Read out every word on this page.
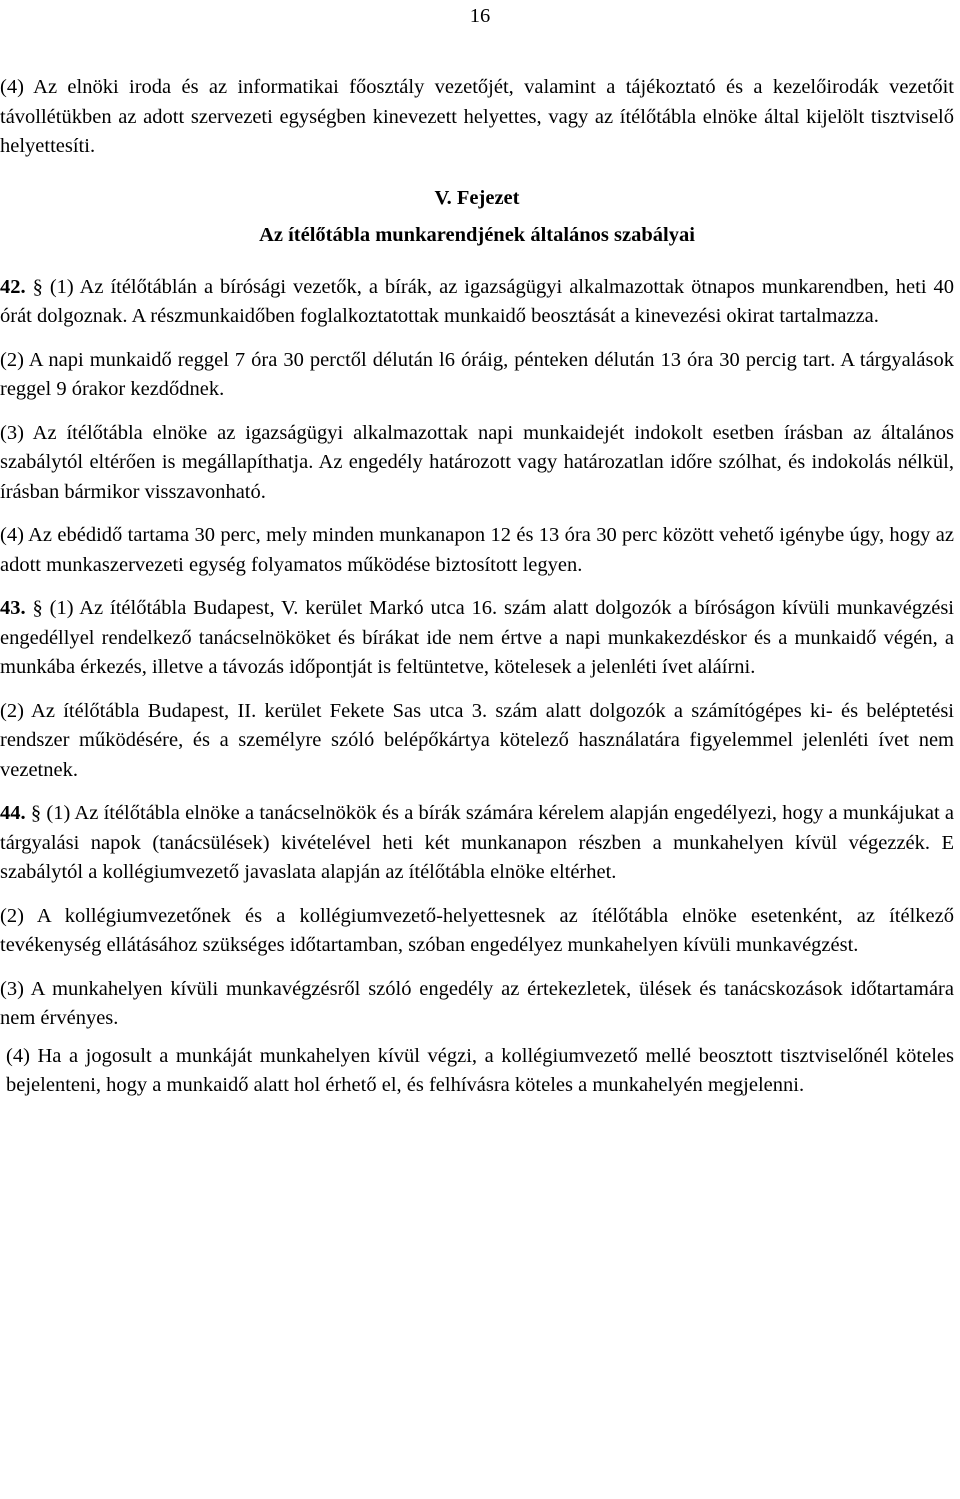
16

(4) Az elnöki iroda és az informatikai főosztály vezetőjét, valamint a tájékoztató és a kezelőirodák vezetőit távollétükben az adott szervezeti egységben kinevezett helyettes, vagy az ítélőtábla elnöke által kijelölt tisztviselő helyettesíti.

V. Fejezet
Az ítélőtábla munkarendjének általános szabályai

42. § (1) Az ítélőtáblán a bírósági vezetők, a bírák, az igazságügyi alkalmazottak ötnapos munkarendben, heti 40 órát dolgoznak. A részmunkaidőben foglalkoztatottak munkaidő beosztását a kinevezési okirat tartalmazza.

(2) A napi munkaidő reggel 7 óra 30 perctől délután l6 óráig, pénteken délután 13 óra 30 percig tart. A tárgyalások reggel 9 órakor kezdődnek.

(3) Az ítélőtábla elnöke az igazságügyi alkalmazottak napi munkaidejét indokolt esetben írásban az általános szabálytól eltérően is megállapíthatja. Az engedély határozott vagy határozatlan időre szólhat, és indokolás nélkül, írásban bármikor visszavonható.

(4) Az ebédidő tartama 30 perc, mely minden munkanapon 12 és 13 óra 30 perc között vehető igénybe úgy, hogy az adott munkaszervezeti egység folyamatos működése biztosított legyen.

43. § (1) Az ítélőtábla Budapest, V. kerület Markó utca 16. szám alatt dolgozók a bíróságon kívüli munkavégzési engedéllyel rendelkező tanácselnököket és bírákat ide nem értve a napi munkakezdéskor és a munkaidő végén, a munkába érkezés, illetve a távozás időpontját is feltüntetve, kötelesek a jelenléti ívet aláírni.

(2) Az ítélőtábla Budapest, II. kerület Fekete Sas utca 3. szám alatt dolgozók a számítógépes ki- és beléptetési rendszer működésére, és a személyre szóló belépőkártya kötelező használatára figyelemmel jelenléti ívet nem vezetnek.

44. § (1) Az ítélőtábla elnöke a tanácselnökök és a bírák számára kérelem alapján engedélyezi, hogy a munkájukat a tárgyalási napok (tanácsülések) kivételével heti két munkanapon részben a munkahelyen kívül végezzék. E szabálytól a kollégiumvezető javaslata alapján az ítélőtábla elnöke eltérhet.

(2) A kollégiumvezetőnek és a kollégiumvezető-helyettesnek az ítélőtábla elnöke esetenként, az ítélkező tevékenység ellátásához szükséges időtartamban, szóban engedélyez munkahelyen kívüli munkavégzést.

(3) A munkahelyen kívüli munkavégzésről szóló engedély az értekezletek, ülések és tanácskozások időtartamára nem érvényes.

(4) Ha a jogosult a munkáját munkahelyen kívül végzi, a kollégiumvezető mellé beosztott tisztviselőnél köteles bejelenteni, hogy a munkaidő alatt hol érhető el, és felhívásra köteles a munkahelyén megjelenni.
